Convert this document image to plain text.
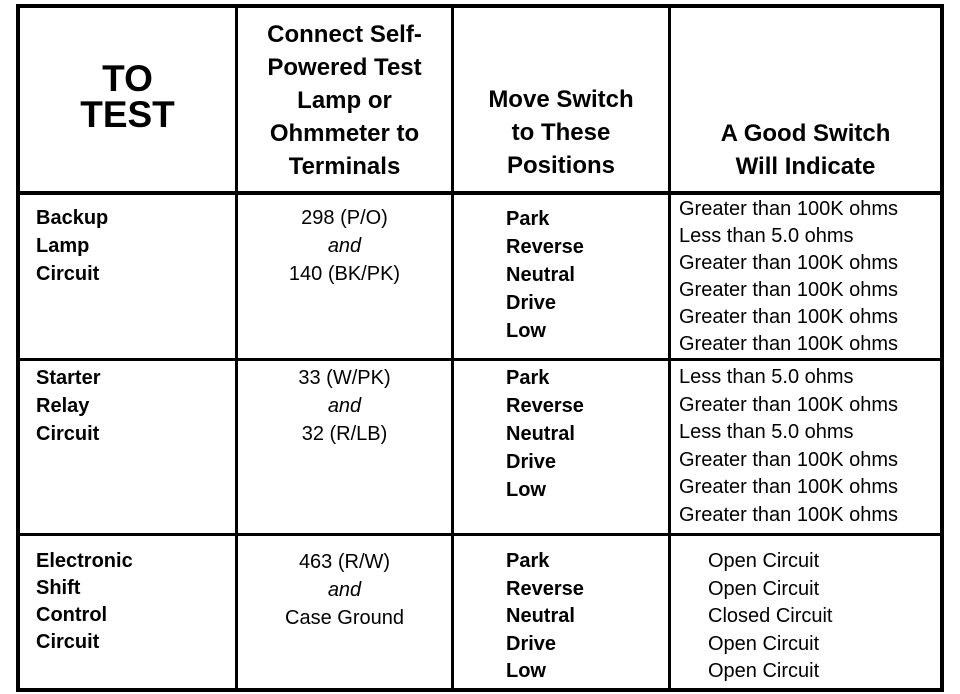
TO
TEST
Connect Self-
Powered Test
Lamp or
Ohmmeter to
Terminals
Move Switch
to These
Positions
A Good Switch
Will Indicate
Backup
Lamp
Circuit
298 (P/O)
and
140 (BK/PK)
Park
Reverse
Neutral
Drive
Low
Greater than 100K ohms
Less than 5.0 ohms
Greater than 100K ohms
Greater than 100K ohms
Greater than 100K ohms
Greater than 100K ohms
Starter
Relay
Circuit
33 (W/PK)
and
32 (R/LB)
Park
Reverse
Neutral
Drive
Low
Less than 5.0 ohms
Greater than 100K ohms
Less than 5.0 ohms
Greater than 100K ohms
Greater than 100K ohms
Greater than 100K ohms
Electronic
Shift
Control
Circuit
463 (R/W)
and
Case Ground
Park
Reverse
Neutral
Drive
Low
Open Circuit
Open Circuit
Closed Circuit
Open Circuit
Open Circuit
